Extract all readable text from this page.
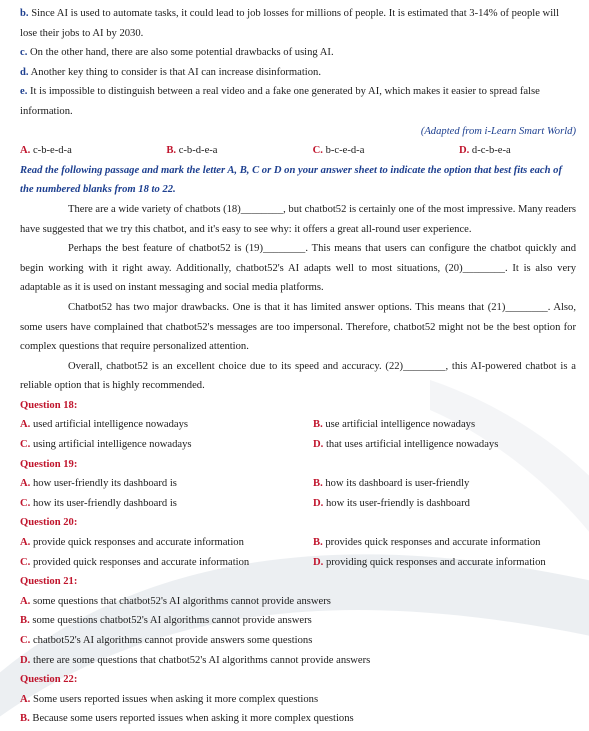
b. Since AI is used to automate tasks, it could lead to job losses for millions of people. It is estimated that 3-14% of people will lose their jobs to AI by 2030.

c. On the other hand, there are also some potential drawbacks of using AI.

d. Another key thing to consider is that AI can increase disinformation.

e. It is impossible to distinguish between a real video and a fake one generated by AI, which makes it easier to spread false information.

(Adapted from i-Learn Smart World)

A. c-b-e-d-a	B. c-b-d-e-a	C. b-c-e-d-a	D. d-c-b-e-a

Read the following passage and mark the letter A, B, C or D on your answer sheet to indicate the option that best fits each of the numbered blanks from 18 to 22.

There are a wide variety of chatbots (18)________, but chatbot52 is certainly one of the most impressive. Many readers have suggested that we try this chatbot, and it's easy to see why: it offers a great all-round user experience.

Perhaps the best feature of chatbot52 is (19)________. This means that users can configure the chatbot quickly and begin working with it right away. Additionally, chatbot52's AI adapts well to most situations, (20)________. It is also very adaptable as it is used on instant messaging and social media platforms.

Chatbot52 has two major drawbacks. One is that it has limited answer options. This means that (21)________. Also, some users have complained that chatbot52's messages are too impersonal. Therefore, chatbot52 might not be the best option for complex questions that require personalized attention.

Overall, chatbot52 is an excellent choice due to its speed and accuracy. (22)________, this AI-powered chatbot is a reliable option that is highly recommended.

Question 18:

A. used artificial intelligence nowadays	B. use artificial intelligence nowadays
C. using artificial intelligence nowadays	D. that uses artificial intelligence nowadays

Question 19:

A. how user-friendly its dashboard is	B. how its dashboard is user-friendly
C. how its user-friendly dashboard is	D. how its user-friendly is dashboard

Question 20:

A. provide quick responses and accurate information	B. provides quick responses and accurate information
C. provided quick responses and accurate information	D. providing quick responses and accurate information

Question 21:

A. some questions that chatbot52's AI algorithms cannot provide answers

B. some questions chatbot52's AI algorithms cannot provide answers

C. chatbot52's AI algorithms cannot provide answers some questions

D. there are some questions that chatbot52's AI algorithms cannot provide answers

Question 22:

A. Some users reported issues when asking it more complex questions

B. Because some users reported issues when asking it more complex questions
